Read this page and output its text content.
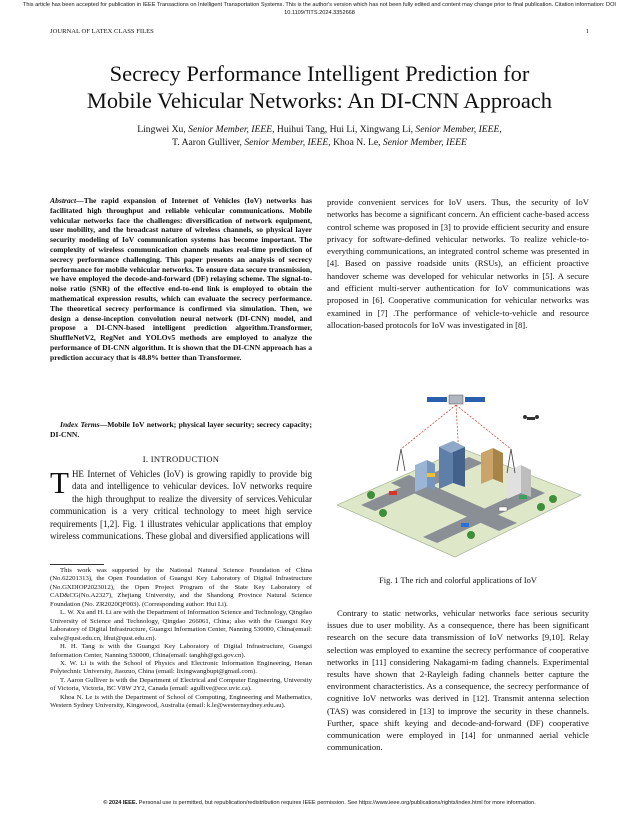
This article has been accepted for publication in IEEE Transactions on Intelligent Transportation Systems. This is the author's version which has not been fully edited and content may change prior to final publication. Citation information: DOI 10.1109/TITS.2024.3352668
JOURNAL OF LATEX CLASS FILES	1
Secrecy Performance Intelligent Prediction for
Mobile Vehicular Networks: An DI-CNN Approach
Lingwei Xu, Senior Member, IEEE, Huihui Tang, Hui Li, Xingwang Li, Senior Member, IEEE,
T. Aaron Gulliver, Senior Member, IEEE, Khoa N. Le, Senior Member, IEEE
Abstract—The rapid expansion of Internet of Vehicles (IoV) networks has facilitated high throughput and reliable vehicular communications. Mobile vehicular networks face the challenges: diversification of network equipment, user mobility, and the broadcast nature of wireless channels, so physical layer security modeling of IoV communication systems has become important. The complexity of wireless communication channels makes real-time prediction of secrecy performance challenging. This paper presents an analysis of secrecy performance for mobile vehicular networks. To ensure data secure transmission, we have employed the decode-and-forward (DF) relaying scheme. The signal-to-noise ratio (SNR) of the effective end-to-end link is employed to obtain the mathematical expression results, which can evaluate the secrecy performance. The theoretical secrecy performance is confirmed via simulation. Then, we design a dense-inception convolution neural network (DI-CNN) model, and propose a DI-CNN-based intelligent prediction algorithm.Transformer, ShuffleNetV2, RegNet and YOLOv5 methods are employed to analyze the performance of DI-CNN algorithm. It is shown that the DI-CNN approach has a prediction accuracy that is 48.8% better than Transformer.
Index Terms—Mobile IoV network; physical layer security; secrecy capacity; DI-CNN.
I. INTRODUCTION
THE Internet of Vehicles (IoV) is growing rapidly to provide big data and intelligence to vehicular devices. IoV networks require the high throughput to realize the diversity of services.Vehicular communication is a very critical technology to meet high service requirements [1,2]. Fig. 1 illustrates vehicular applications that employ wireless communications. These global and diversified applications will

This work was supported by the National Natural Science Foundation of China (No.62201313), the Open Foundation of Guangxi Key Laboratory of Digital Infrastructure (No.GXDIOP2023012), the Open Project Program of the State Key Laboratory of CAD&CG(No.A2327), Zhejiang University, and the Shandong Province Natural Science Foundation (No. ZR2020QF003). (Corresponding author: Hui Li).

L. W. Xu and H. Li are with the Department of Information Science and Technology, Qingdao University of Science and Technology, Qingdao 266061, China; also with the Guangxi Key Laboratory of Digital Infrastructure, Guangxi Information Center, Nanning 530000, China(email: xulw@qust.edu.cn, lihui@qust.edu.cn).

H. H. Tang is with the Guangxi Key Laboratory of Digital Infrastructure, Guangxi Information Center, Nanning 530000, China(email: tanghh@gxi.gov.cn).

X. W. Li is with the School of Physics and Electronic Information Engineering, Henan Polytechnic University, Jiaozuo, China (email: lixingwangbupt@gmail.com).

T. Aaron Gulliver is with the Department of Electrical and Computer Engineering, University of Victoria, Victoria, BC V8W 2Y2, Canada (email: agullive@ece.uvic.ca).

Khoa N. Le is with the Department of School of Computing, Engineering and Mathematics, Western Sydney University, Kingswood, Australia (email: k.le@westernsydney.edu.au).

provide convenient services for IoV users. Thus, the security of IoV networks has become a significant concern. An efficient cache-based access control scheme was proposed in [3] to provide efficient security and ensure privacy for software-defined vehicular networks. To realize vehicle-to-everything communications, an integrated control scheme was presented in [4]. Based on passive roadside units (RSUs), an efficient proactive handover scheme was developed for vehicular networks in [5]. A secure and efficient multi-server authentication for IoV communications was proposed in [6]. Cooperative communication for vehicular networks was examined in [7] .The performance of vehicle-to-vehicle and resource allocation-based protocols for IoV was investigated in [8].

Fig. 1 The rich and colorful applications of IoV

Contrary to static networks, vehicular networks face serious security issues due to user mobility. As a consequence, there has been significant research on the secure data transmission of IoV networks [9,10]. Relay selection was employed to examine the secrecy performance of cooperative networks in [11] considering Nakagami-m fading channels. Experimental results have shown that 2-Rayleigh fading channels better capture the environment characteristics. As a consequence, the secrecy performance of cognitive IoV networks was derived in [12]. Transmit antenna selection (TAS) was considered in [13] to improve the security in these channels. Further, space shift keying and decode-and-forward (DF) cooperative communication were employed in [14] for unmanned aerial vehicle communication.

© 2024 IEEE. Personal use is permitted, but republication/redistribution requires IEEE permission. See https://www.ieee.org/publications/rights/index.html for more information.
